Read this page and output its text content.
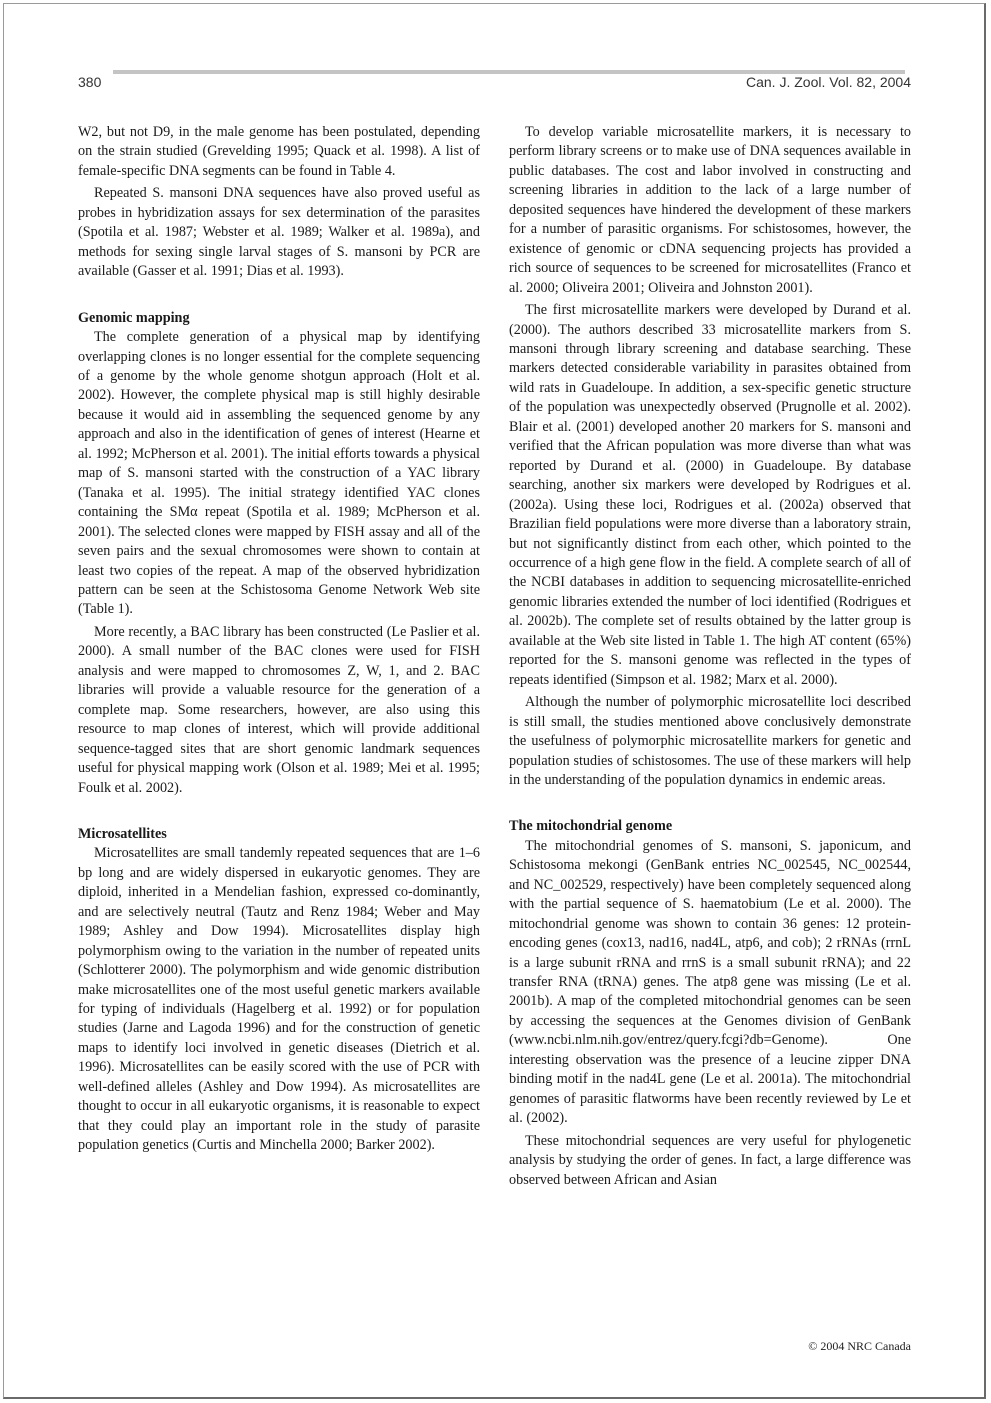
380	Can. J. Zool. Vol. 82, 2004

W2, but not D9, in the male genome has been postulated, depending on the strain studied (Grevelding 1995; Quack et al. 1998). A list of female-specific DNA segments can be found in Table 4.

Repeated S. mansoni DNA sequences have also proved useful as probes in hybridization assays for sex determination of the parasites (Spotila et al. 1987; Webster et al. 1989; Walker et al. 1989a), and methods for sexing single larval stages of S. mansoni by PCR are available (Gasser et al. 1991; Dias et al. 1993).

Genomic mapping

The complete generation of a physical map by identifying overlapping clones is no longer essential for the complete sequencing of a genome by the whole genome shotgun approach (Holt et al. 2002). However, the complete physical map is still highly desirable because it would aid in assembling the sequenced genome by any approach and also in the identification of genes of interest (Hearne et al. 1992; McPherson et al. 2001). The initial efforts towards a physical map of S. mansoni started with the construction of a YAC library (Tanaka et al. 1995). The initial strategy identified YAC clones containing the SMα repeat (Spotila et al. 1989; McPherson et al. 2001). The selected clones were mapped by FISH assay and all of the seven pairs and the sexual chromosomes were shown to contain at least two copies of the repeat. A map of the observed hybridization pattern can be seen at the Schistosoma Genome Network Web site (Table 1).

More recently, a BAC library has been constructed (Le Paslier et al. 2000). A small number of the BAC clones were used for FISH analysis and were mapped to chromosomes Z, W, 1, and 2. BAC libraries will provide a valuable resource for the generation of a complete map. Some researchers, however, are also using this resource to map clones of interest, which will provide additional sequence-tagged sites that are short genomic landmark sequences useful for physical mapping work (Olson et al. 1989; Mei et al. 1995; Foulk et al. 2002).

Microsatellites

Microsatellites are small tandemly repeated sequences that are 1–6 bp long and are widely dispersed in eukaryotic genomes. They are diploid, inherited in a Mendelian fashion, expressed co-dominantly, and are selectively neutral (Tautz and Renz 1984; Weber and May 1989; Ashley and Dow 1994). Microsatellites display high polymorphism owing to the variation in the number of repeated units (Schlotterer 2000). The polymorphism and wide genomic distribution make microsatellites one of the most useful genetic markers available for typing of individuals (Hagelberg et al. 1992) or for population studies (Jarne and Lagoda 1996) and for the construction of genetic maps to identify loci involved in genetic diseases (Dietrich et al. 1996). Microsatellites can be easily scored with the use of PCR with well-defined alleles (Ashley and Dow 1994). As microsatellites are thought to occur in all eukaryotic organisms, it is reasonable to expect that they could play an important role in the study of parasite population genetics (Curtis and Minchella 2000; Barker 2002).

To develop variable microsatellite markers, it is necessary to perform library screens or to make use of DNA sequences available in public databases. The cost and labor involved in constructing and screening libraries in addition to the lack of a large number of deposited sequences have hindered the development of these markers for a number of parasitic organisms. For schistosomes, however, the existence of genomic or cDNA sequencing projects has provided a rich source of sequences to be screened for microsatellites (Franco et al. 2000; Oliveira 2001; Oliveira and Johnston 2001).

The first microsatellite markers were developed by Durand et al. (2000). The authors described 33 microsatellite markers from S. mansoni through library screening and database searching. These markers detected considerable variability in parasites obtained from wild rats in Guadeloupe. In addition, a sex-specific genetic structure of the population was unexpectedly observed (Prugnolle et al. 2002). Blair et al. (2001) developed another 20 markers for S. mansoni and verified that the African population was more diverse than what was reported by Durand et al. (2000) in Guadeloupe. By database searching, another six markers were developed by Rodrigues et al. (2002a). Using these loci, Rodrigues et al. (2002a) observed that Brazilian field populations were more diverse than a laboratory strain, but not significantly distinct from each other, which pointed to the occurrence of a high gene flow in the field. A complete search of all of the NCBI databases in addition to sequencing microsatellite-enriched genomic libraries extended the number of loci identified (Rodrigues et al. 2002b). The complete set of results obtained by the latter group is available at the Web site listed in Table 1. The high AT content (65%) reported for the S. mansoni genome was reflected in the types of repeats identified (Simpson et al. 1982; Marx et al. 2000).

Although the number of polymorphic microsatellite loci described is still small, the studies mentioned above conclusively demonstrate the usefulness of polymorphic microsatellite markers for genetic and population studies of schistosomes. The use of these markers will help in the understanding of the population dynamics in endemic areas.

The mitochondrial genome

The mitochondrial genomes of S. mansoni, S. japonicum, and Schistosoma mekongi (GenBank entries NC_002545, NC_002544, and NC_002529, respectively) have been completely sequenced along with the partial sequence of S. haematobium (Le et al. 2000). The mitochondrial genome was shown to contain 36 genes: 12 protein-encoding genes (cox13, nad16, nad4L, atp6, and cob); 2 rRNAs (rrnL is a large subunit rRNA and rrnS is a small subunit rRNA); and 22 transfer RNA (tRNA) genes. The atp8 gene was missing (Le et al. 2001b). A map of the completed mitochondrial genomes can be seen by accessing the sequences at the Genomes division of GenBank (www.ncbi.nlm.nih.gov/entrez/query.fcgi?db=Genome). One interesting observation was the presence of a leucine zipper DNA binding motif in the nad4L gene (Le et al. 2001a). The mitochondrial genomes of parasitic flatworms have been recently reviewed by Le et al. (2002).

These mitochondrial sequences are very useful for phylogenetic analysis by studying the order of genes. In fact, a large difference was observed between African and Asian

© 2004 NRC Canada
